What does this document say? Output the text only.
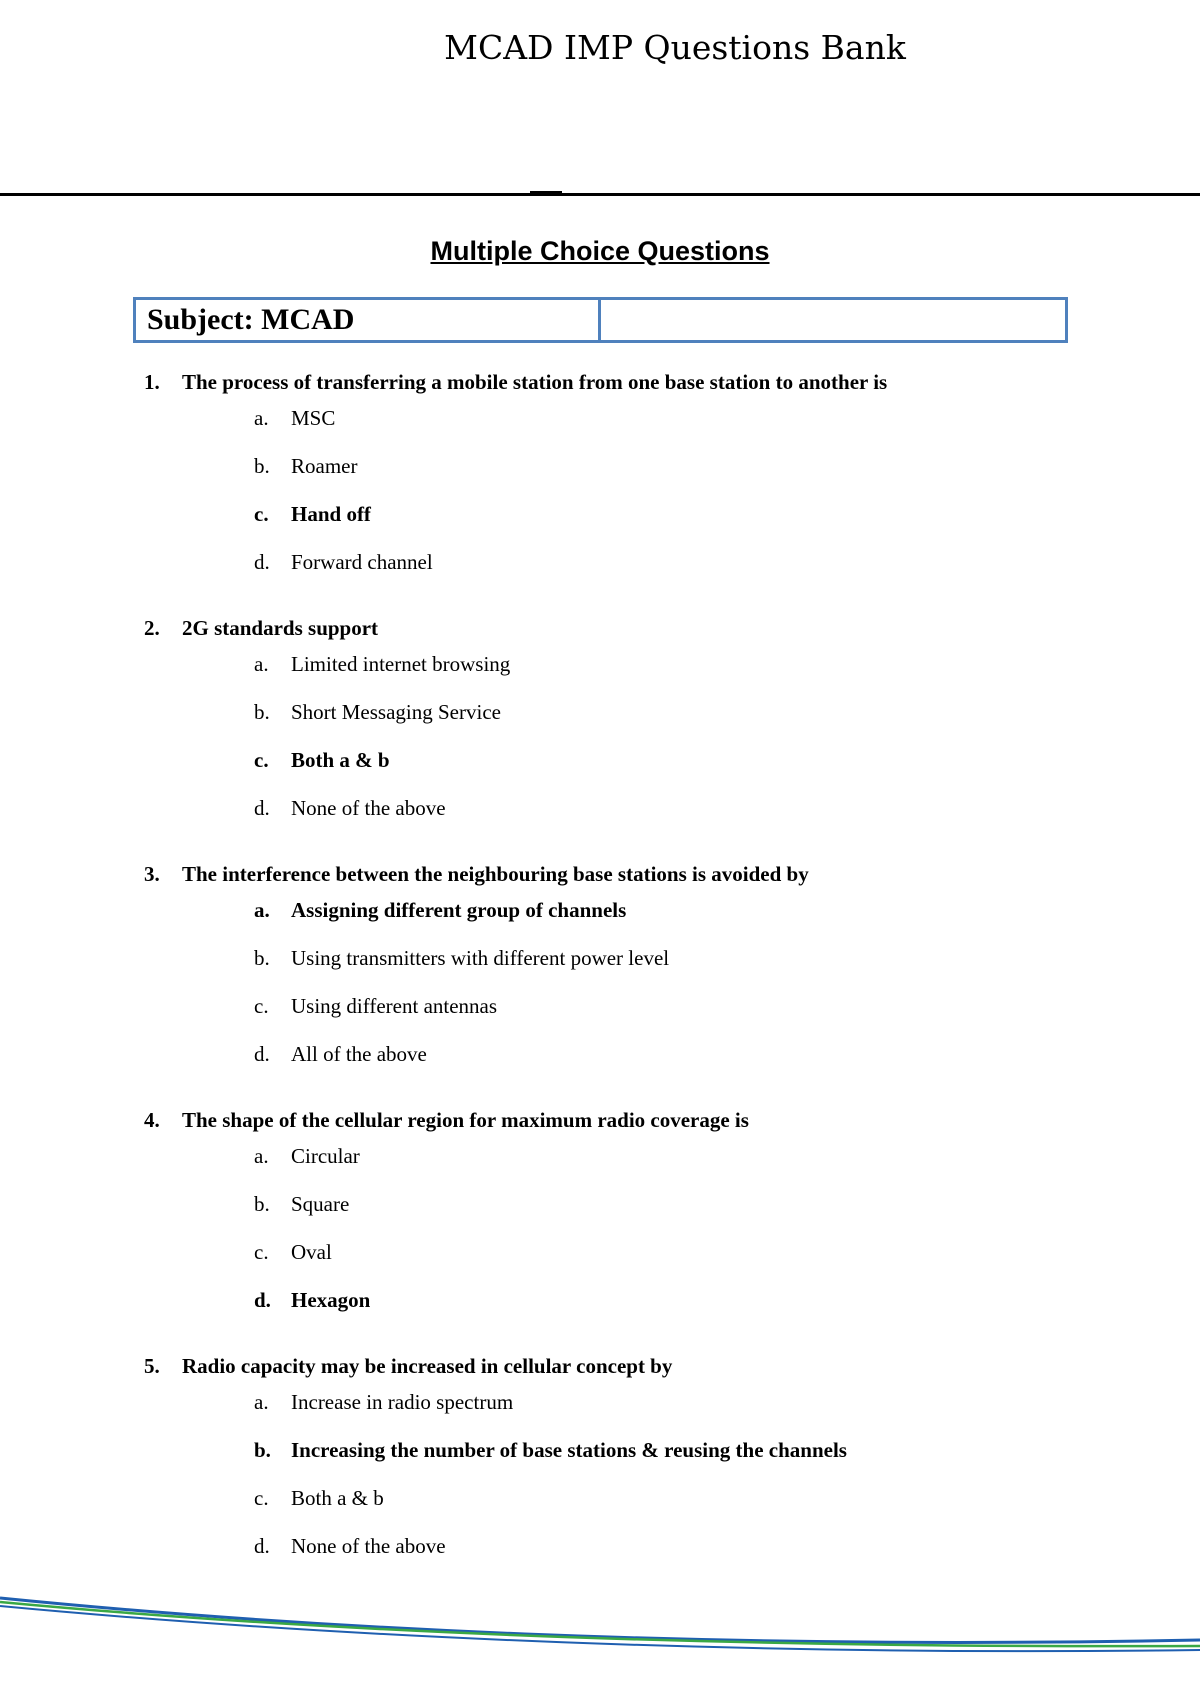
MCAD IMP Questions Bank
Multiple Choice Questions
Subject: MCAD
1. The process of transferring a mobile station from one base station to another is
a. MSC
b. Roamer
c. Hand off
d. Forward channel
2. 2G standards support
a. Limited internet browsing
b. Short Messaging Service
c. Both a & b
d. None of the above
3. The interference between the neighbouring base stations is avoided by
a. Assigning different group of channels
b. Using transmitters with different power level
c. Using different antennas
d. All of the above
4. The shape of the cellular region for maximum radio coverage is
a. Circular
b. Square
c. Oval
d. Hexagon
5. Radio capacity may be increased in cellular concept by
a. Increase in radio spectrum
b. Increasing the number of base stations & reusing the channels
c. Both a & b
d. None of the above
